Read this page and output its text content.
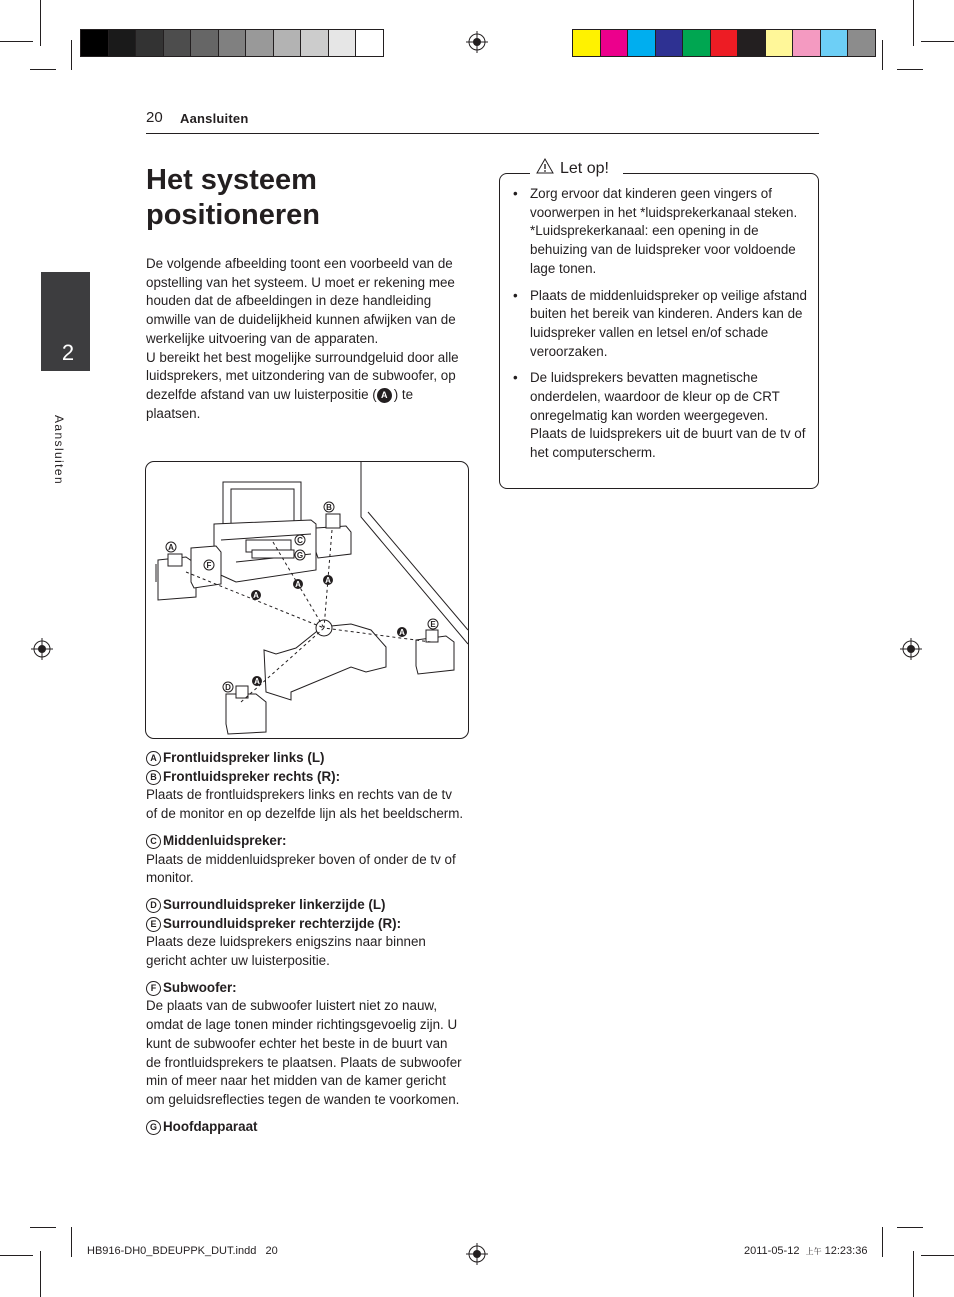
20 Aansluiten
2
Aansluiten
Het systeem positioneren

De volgende afbeelding toont een voorbeeld van de opstelling van het systeem. U moet er rekening mee houden dat de afbeeldingen in deze handleiding omwille van de duidelijkheid kunnen afwijken van de werkelijke uitvoering van de apparaten.

U bereikt het best mogelijke surroundgeluid door alle luidsprekers, met uitzondering van de subwoofer, op dezelfde afstand van uw luisterpositie ( A ) te plaatsen.

A
B
C
G
F
D
E
A
A	A
A
A
A Frontluidspreker links (L)
B Frontluidspreker rechts (R):

Plaats de frontluidsprekers links en rechts van de tv of de monitor en op dezelfde lijn als het beeldscherm.

C Middenluidspreker:

Plaats de middenluidspreker boven of onder de tv of monitor.

D Surroundluidspreker linkerzijde (L)
E Surroundluidspreker rechterzijde (R):

Plaats deze luidsprekers enigszins naar binnen gericht achter uw luisterpositie.

F Subwoofer:

De plaats van de subwoofer luistert niet zo nauw, omdat de lage tonen minder richtingsgevoelig zijn. U kunt de subwoofer echter het beste in de buurt van de frontluidsprekers te plaatsen. Plaats de subwoofer min of meer naar het midden van de kamer gericht om geluidsreflecties tegen de wanden te voorkomen.

G Hoofdapparaat
Let op!
• Zorg ervoor dat kinderen geen vingers of voorwerpen in het *luidsprekerkanaal steken. *Luidsprekerkanaal: een opening in de behuizing van de luidspreker voor voldoende lage tonen.
• Plaats de middenluidspreker op veilige afstand buiten het bereik van kinderen. Anders kan de luidspreker vallen en letsel en/of schade veroorzaken.
• De luidsprekers bevatten magnetische onderdelen, waardoor de kleur op de CRT onregelmatig kan worden weergegeven. Plaats de luidsprekers uit de buurt van de tv of het computerscherm.
HB916-DH0_BDEUPPK_DUT.indd   20	2011-05-12 上午 12:23:36
